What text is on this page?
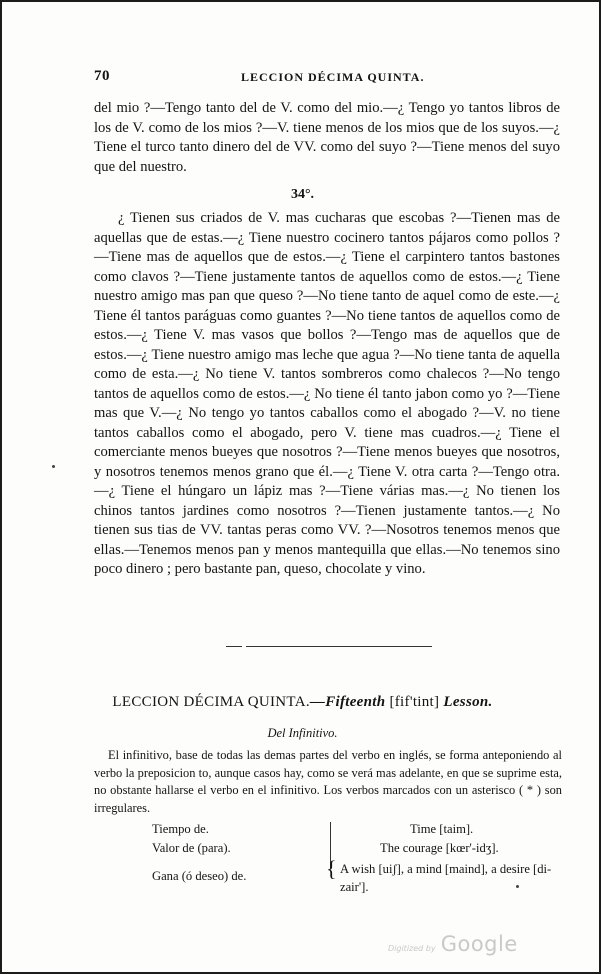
70	LECCION DÉCIMA QUINTA.

del mio ?—Tengo tanto del de V. como del mio.—¿ Tengo yo tantos libros de los de V. como de los mios ?—V. tiene menos de los mios que de los suyos.—¿ Tiene el turco tanto dinero del de VV. como del suyo ?—Tiene menos del suyo que del nuestro.

34°.

¿ Tienen sus criados de V. mas cucharas que escobas ?—Tienen mas de aquellas que de estas.—¿ Tiene nuestro cocinero tantos pájaros como pollos ?—Tiene mas de aquellos que de estos.—¿ Tiene el carpintero tantos bastones como clavos ?—Tiene justamente tantos de aquellos como de estos.—¿ Tiene nuestro amigo mas pan que queso ?—No tiene tanto de aquel como de este.—¿ Tiene él tantos paráguas como guantes ?—No tiene tantos de aquellos como de estos.—¿ Tiene V. mas vasos que bollos ?—Tengo mas de aquellos que de estos.—¿ Tiene nuestro amigo mas leche que agua ?—No tiene tanta de aquella como de esta.—¿ No tiene V. tantos sombreros como chalecos ?—No tengo tantos de aquellos como de estos.—¿ No tiene él tanto jabon como yo ?—Tiene mas que V.—¿ No tengo yo tantos caballos como el abogado ?—V. no tiene tantos caballos como el abogado, pero V. tiene mas cuadros.—¿ Tiene el comerciante menos bueyes que nosotros ?—Tiene menos bueyes que nosotros, y nosotros tenemos menos grano que él.—¿ Tiene V. otra carta ?—Tengo otra.—¿ Tiene el húngaro un lápiz mas ?—Tiene várias mas.—¿ No tienen los chinos tantos jardines como nosotros ?—Tienen justamente tantos.—¿ No tienen sus tias de VV. tantas peras como VV. ?—Nosotros tenemos menos que ellas.—Tenemos menos pan y menos mantequilla que ellas.—No tenemos sino poco dinero ; pero bastante pan, queso, chocolate y vino.

LECCION DÉCIMA QUINTA.—Fifteenth [fif'tint] Lesson.
Del Infinitivo.

El infinitivo, base de todas las demas partes del verbo en inglés, se forma anteponiendo al verbo la preposicion to, aunque casos hay, como se verá mas adelante, en que se suprime esta, no obstante hallarse el verbo en el infinitivo. Los verbos marcados con un asterisco ( * ) son irregulares.

Tiempo de.	Time [taim].
Valor de (para).	The courage [kœr'-idʒ].
Gana (ó deseo) de.	{ A wish [uiʃ], a mind [maind], a desire [di-zair'].
Digitized by Google
